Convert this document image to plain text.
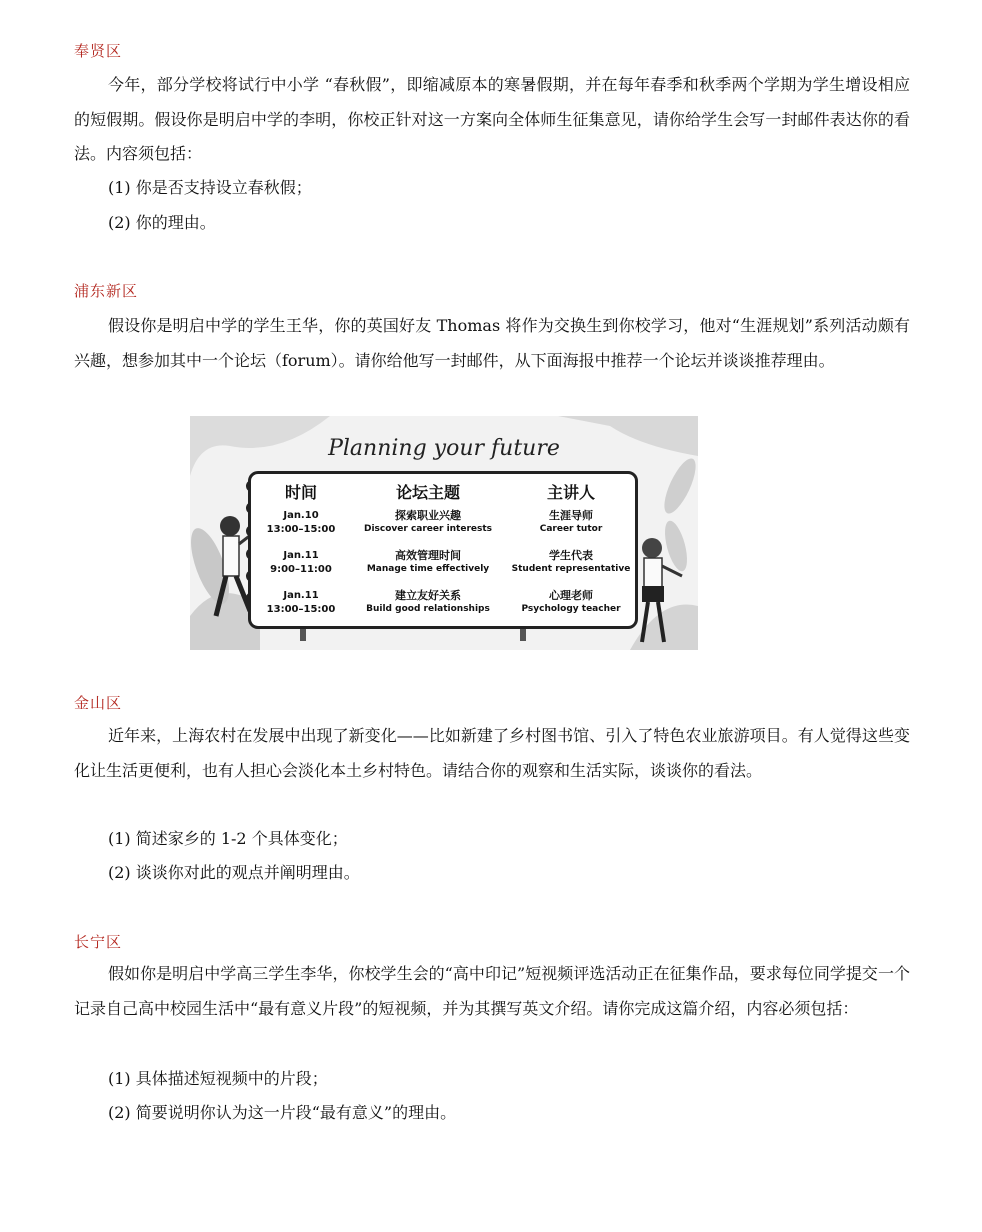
奉贤区

今年，部分学校将试行中小学 “春秋假”，即缩减原本的寒暑假期，并在每年春季和秋季两个学期为学生增设相应的短假期。假设你是明启中学的李明，你校正针对这一方案向全体师生征集意见，请你给学生会写一封邮件表达你的看法。内容须包括：

(1) 你是否支持设立春秋假；
(2) 你的理由。
浦东新区

假设你是明启中学的学生王华，你的英国好友 Thomas 将作为交换生到你校学习，他对“生涯规划”系列活动颇有兴趣，想参加其中一个论坛（forum）。请你给他写一封邮件，从下面海报中推荐一个论坛并谈谈推荐理由。

Planning your future
时间	论坛主题	主讲人
Jan.10
13:00–15:00
探索职业兴趣
Discover career interests
生涯导师
Career tutor
Jan.11
9:00–11:00
高效管理时间
Manage time effectively
学生代表
Student representative
Jan.11
13:00–15:00
建立友好关系
Build good relationships
心理老师
Psychology teacher
金山区

近年来，上海农村在发展中出现了新变化——比如新建了乡村图书馆、引入了特色农业旅游项目。有人觉得这些变化让生活更便利，也有人担心会淡化本土乡村特色。请结合你的观察和生活实际，谈谈你的看法。

(1) 简述家乡的 1-2 个具体变化；
(2) 谈谈你对此的观点并阐明理由。
长宁区

假如你是明启中学高三学生李华，你校学生会的“高中印记”短视频评选活动正在征集作品，要求每位同学提交一个记录自己高中校园生活中“最有意义片段”的短视频，并为其撰写英文介绍。请你完成这篇介绍，内容必须包括：

(1) 具体描述短视频中的片段；
(2) 简要说明你认为这一片段“最有意义”的理由。
